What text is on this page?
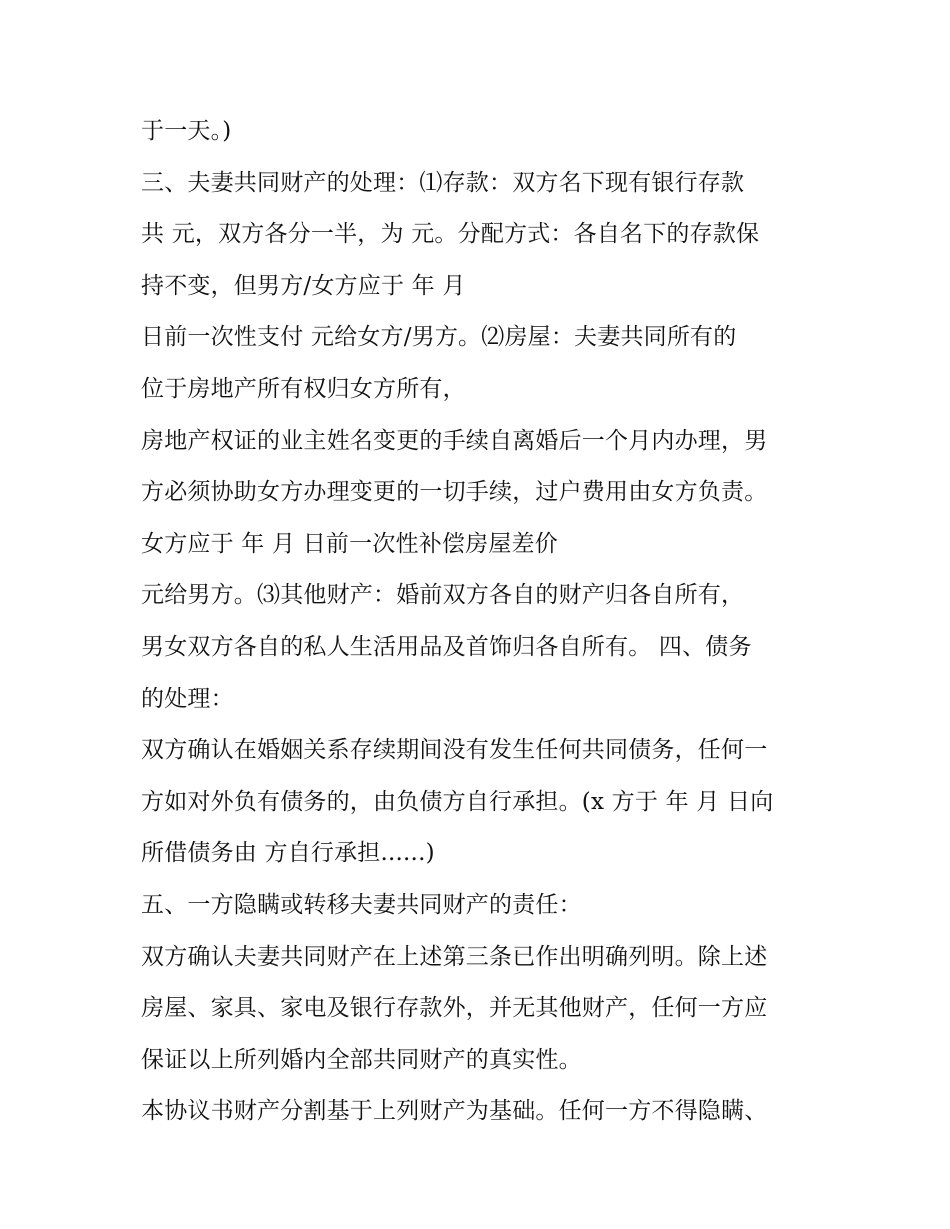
于一天。)
三、夫妻共同财产的处理：⑴存款：双方名下现有银行存款
共 元，双方各分一半，为 元。分配方式：各自名下的存款保
持不变，但男方/女方应于 年 月
日前一次性支付 元给女方/男方。⑵房屋：夫妻共同所有的
位于房地产所有权归女方所有，
房地产权证的业主姓名变更的手续自离婚后一个月内办理，男
方必须协助女方办理变更的一切手续，过户费用由女方负责。
女方应于 年 月 日前一次性补偿房屋差价
元给男方。⑶其他财产：婚前双方各自的财产归各自所有，
男女双方各自的私人生活用品及首饰归各自所有。 四、债务
的处理：
双方确认在婚姻关系存续期间没有发生任何共同债务，任何一
方如对外负有债务的，由负债方自行承担。(x 方于 年 月 日向
所借债务由 方自行承担......)
五、一方隐瞒或转移夫妻共同财产的责任：
双方确认夫妻共同财产在上述第三条已作出明确列明。除上述
房屋、家具、家电及银行存款外，并无其他财产，任何一方应
保证以上所列婚内全部共同财产的真实性。
本协议书财产分割基于上列财产为基础。任何一方不得隐瞒、
